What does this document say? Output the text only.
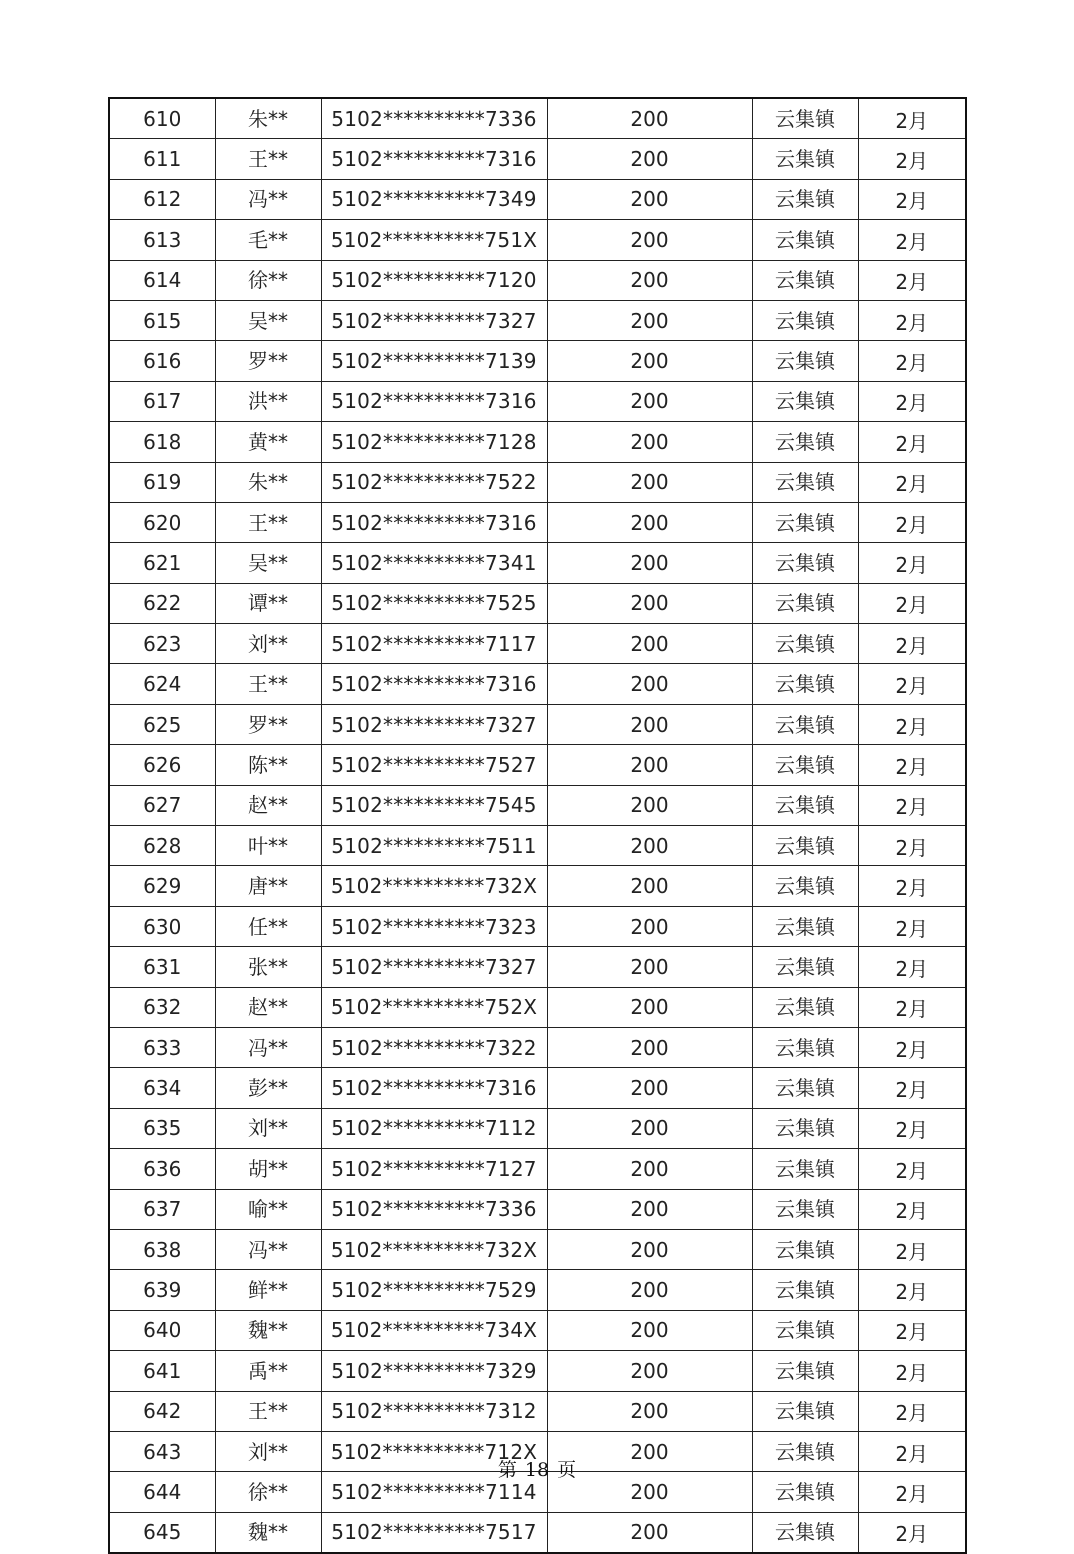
610	朱**	5102**********7336	200	云集镇	2月
611	王**	5102**********7316	200	云集镇	2月
612	冯**	5102**********7349	200	云集镇	2月
613	毛**	5102**********751X	200	云集镇	2月
614	徐**	5102**********7120	200	云集镇	2月
615	吴**	5102**********7327	200	云集镇	2月
616	罗**	5102**********7139	200	云集镇	2月
617	洪**	5102**********7316	200	云集镇	2月
618	黄**	5102**********7128	200	云集镇	2月
619	朱**	5102**********7522	200	云集镇	2月
620	王**	5102**********7316	200	云集镇	2月
621	吴**	5102**********7341	200	云集镇	2月
622	谭**	5102**********7525	200	云集镇	2月
623	刘**	5102**********7117	200	云集镇	2月
624	王**	5102**********7316	200	云集镇	2月
625	罗**	5102**********7327	200	云集镇	2月
626	陈**	5102**********7527	200	云集镇	2月
627	赵**	5102**********7545	200	云集镇	2月
628	叶**	5102**********7511	200	云集镇	2月
629	唐**	5102**********732X	200	云集镇	2月
630	任**	5102**********7323	200	云集镇	2月
631	张**	5102**********7327	200	云集镇	2月
632	赵**	5102**********752X	200	云集镇	2月
633	冯**	5102**********7322	200	云集镇	2月
634	彭**	5102**********7316	200	云集镇	2月
635	刘**	5102**********7112	200	云集镇	2月
636	胡**	5102**********7127	200	云集镇	2月
637	喻**	5102**********7336	200	云集镇	2月
638	冯**	5102**********732X	200	云集镇	2月
639	鲜**	5102**********7529	200	云集镇	2月
640	魏**	5102**********734X	200	云集镇	2月
641	禹**	5102**********7329	200	云集镇	2月
642	王**	5102**********7312	200	云集镇	2月
643	刘**	5102**********712X	200	云集镇	2月
644	徐**	5102**********7114	200	云集镇	2月
645	魏**	5102**********7517	200	云集镇	2月
第 18 页
